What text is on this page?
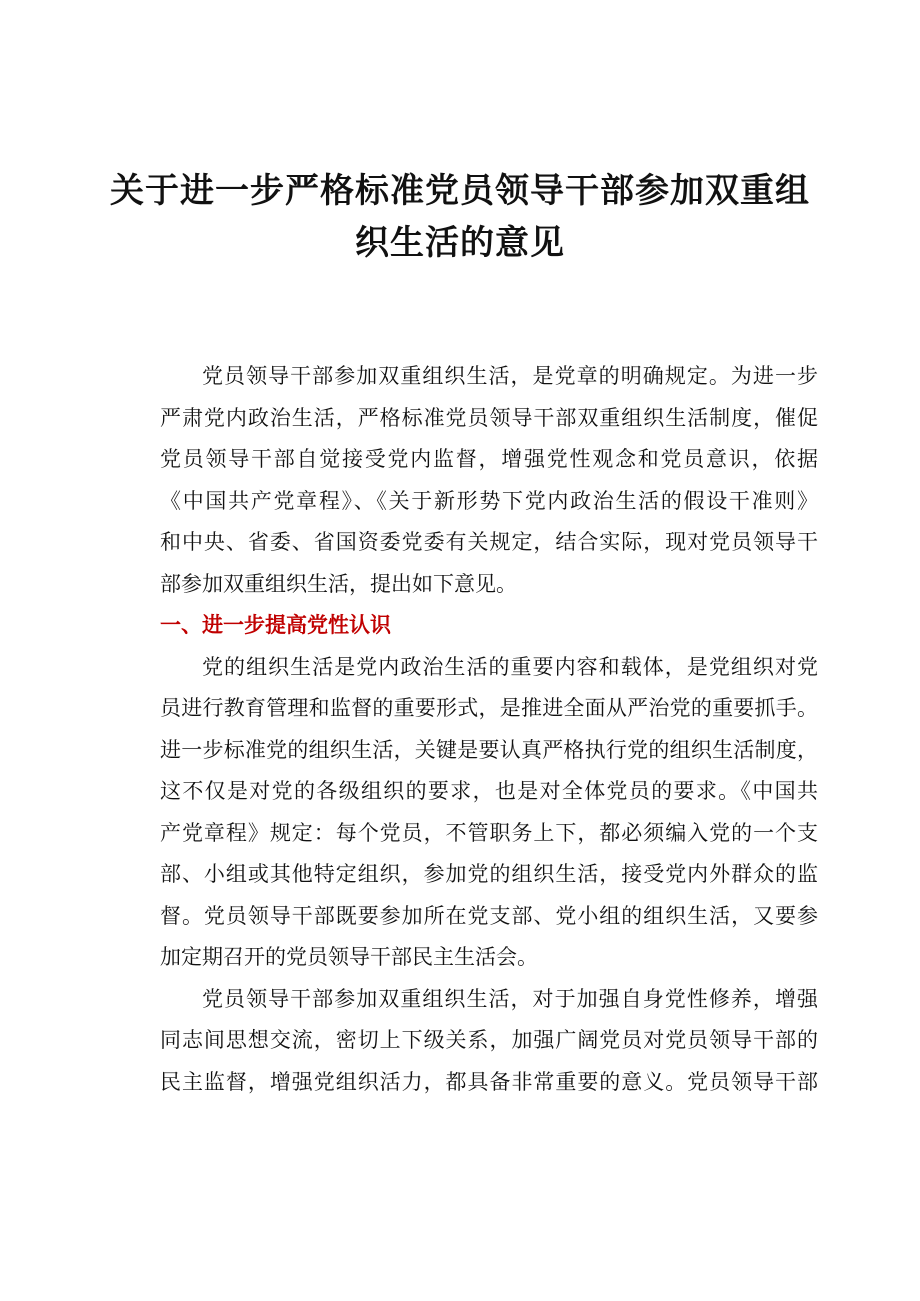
关于进一步严格标准党员领导干部参加双重组
织生活的意见

党员领导干部参加双重组织生活，是党章的明确规定。为进一步
严肃党内政治生活，严格标准党员领导干部双重组织生活制度，催促
党员领导干部自觉接受党内监督，增强党性观念和党员意识，依据
《中国共产党章程》、《关于新形势下党内政治生活的假设干准则》
和中央、省委、省国资委党委有关规定，结合实际，现对党员领导干
部参加双重组织生活，提出如下意见。

一、进一步提高党性认识

党的组织生活是党内政治生活的重要内容和载体，是党组织对党
员进行教育管理和监督的重要形式，是推进全面从严治党的重要抓手。
进一步标准党的组织生活，关键是要认真严格执行党的组织生活制度，
这不仅是对党的各级组织的要求，也是对全体党员的要求。《中国共
产党章程》规定：每个党员，不管职务上下，都必须编入党的一个支
部、小组或其他特定组织，参加党的组织生活，接受党内外群众的监
督。党员领导干部既要参加所在党支部、党小组的组织生活，又要参
加定期召开的党员领导干部民主生活会。

党员领导干部参加双重组织生活，对于加强自身党性修养，增强
同志间思想交流，密切上下级关系，加强广阔党员对党员领导干部的
民主监督，增强党组织活力，都具备非常重要的意义。党员领导干部
